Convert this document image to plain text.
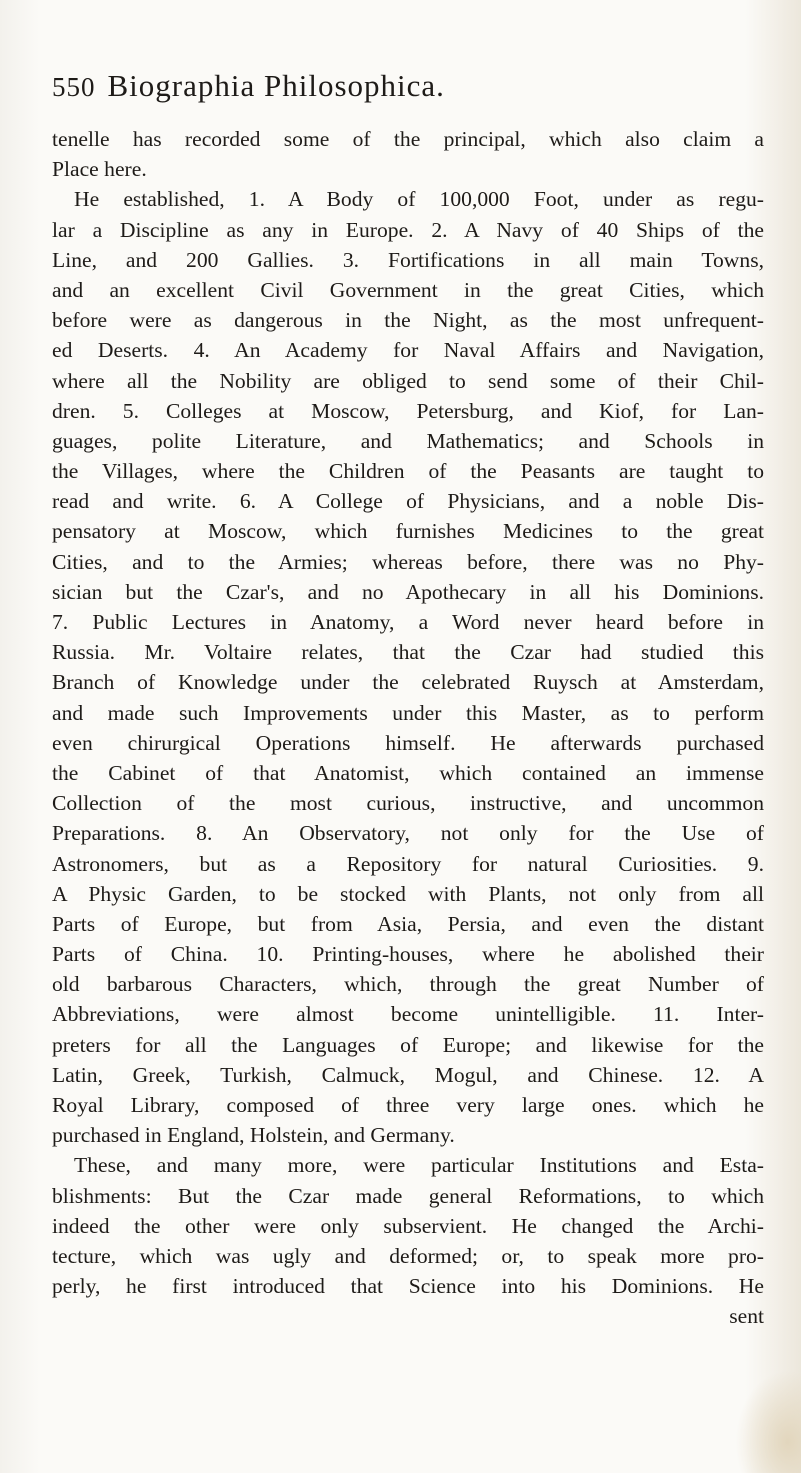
550 Biographia Philosophica.
tenelle has recorded some of the principal, which also claim a
Place here.
He established, 1. A Body of 100,000 Foot, under as regu-
lar a Discipline as any in Europe. 2. A Navy of 40 Ships of the
Line, and 200 Gallies. 3. Fortifications in all main Towns,
and an excellent Civil Government in the great Cities, which
before were as dangerous in the Night, as the most unfrequent-
ed Deserts. 4. An Academy for Naval Affairs and Navigation,
where all the Nobility are obliged to send some of their Chil-
dren. 5. Colleges at Moscow, Petersburg, and Kiof, for Lan-
guages, polite Literature, and Mathematics; and Schools in
the Villages, where the Children of the Peasants are taught to
read and write. 6. A College of Physicians, and a noble Dis-
pensatory at Moscow, which furnishes Medicines to the great
Cities, and to the Armies; whereas before, there was no Phy-
sician but the Czar's, and no Apothecary in all his Dominions.
7. Public Lectures in Anatomy, a Word never heard before in
Russia. Mr. Voltaire relates, that the Czar had studied this
Branch of Knowledge under the celebrated Ruysch at Amsterdam,
and made such Improvements under this Master, as to perform
even chirurgical Operations himself. He afterwards purchased
the Cabinet of that Anatomist, which contained an immense
Collection of the most curious, instructive, and uncommon
Preparations. 8. An Observatory, not only for the Use of
Astronomers, but as a Repository for natural Curiosities. 9.
A Physic Garden, to be stocked with Plants, not only from all
Parts of Europe, but from Asia, Persia, and even the distant
Parts of China. 10. Printing-houses, where he abolished their
old barbarous Characters, which, through the great Number of
Abbreviations, were almost become unintelligible. 11. Inter-
preters for all the Languages of Europe; and likewise for the
Latin, Greek, Turkish, Calmuck, Mogul, and Chinese. 12. A
Royal Library, composed of three very large ones. which he
purchased in England, Holstein, and Germany.
These, and many more, were particular Institutions and Esta-
blishments: But the Czar made general Reformations, to which
indeed the other were only subservient. He changed the Archi-
tecture, which was ugly and deformed; or, to speak more pro-
perly, he first introduced that Science into his Dominions. He
sent
